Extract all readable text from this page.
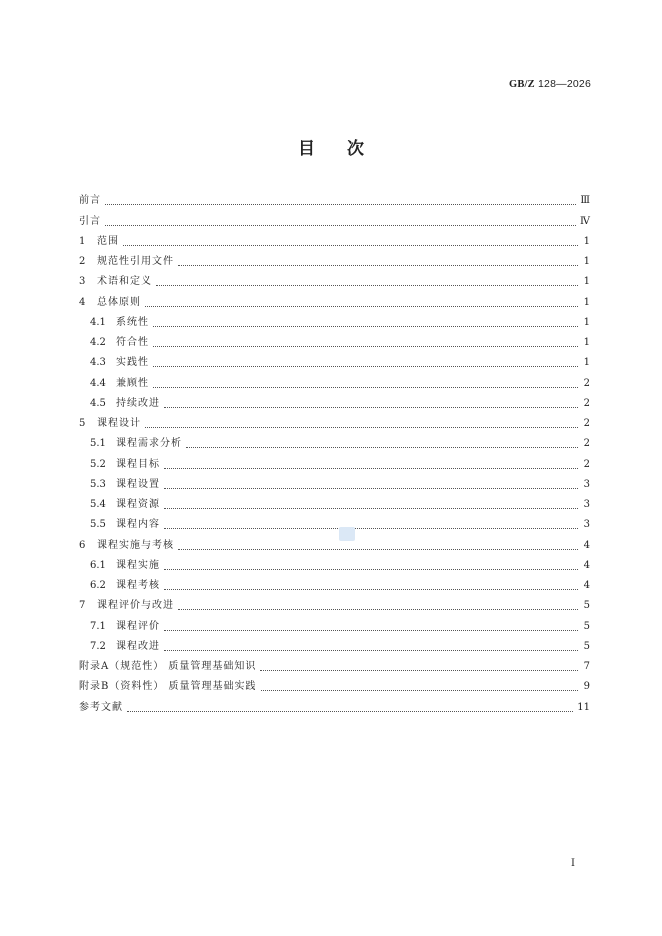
GB/Z 128—2026
目次
前言	Ⅲ
引言	Ⅳ
1	范围	1
2	规范性引用文件	1
3	术语和定义	1
4	总体原则	1
4.1	系统性	1
4.2	符合性	1
4.3	实践性	1
4.4	兼顾性	2
4.5	持续改进	2
5	课程设计	2
5.1	课程需求分析	2
5.2	课程目标	2
5.3	课程设置	3
5.4	课程资源	3
5.5	课程内容	3
6	课程实施与考核	4
6.1	课程实施	4
6.2	课程考核	4
7	课程评价与改进	5
7.1	课程评价	5
7.2	课程改进	5
附录A（规范性） 质量管理基础知识	7
附录B（资料性） 质量管理基础实践	9
参考文献	11
Ⅰ
